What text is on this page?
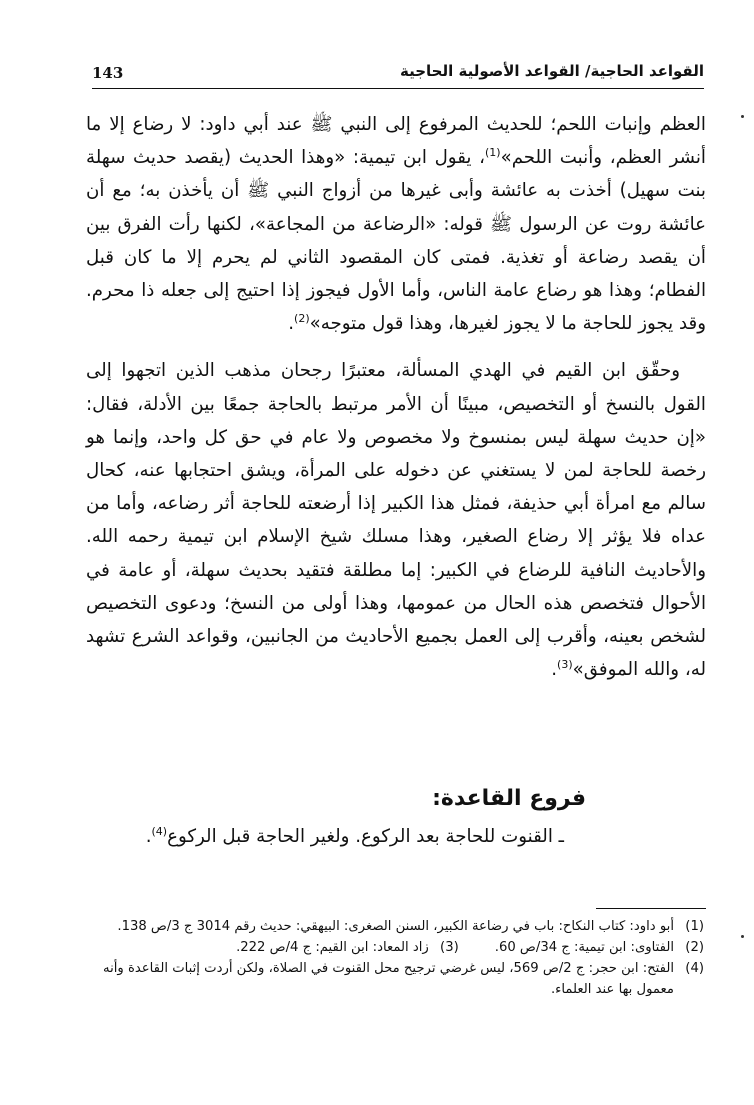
143	القواعد الحاجية/ القواعد الأصولية الحاجية

العظم وإنبات اللحم؛ للحديث المرفوع إلى النبي ﷺ عند أبي داود: لا رضاع إلا ما أنشر العظم، وأنبت اللحم»$^{(1)}$، يقول ابن تيمية: «وهذا الحديث (يقصد حديث سهلة بنت سهيل) أخذت به عائشة وأبى غيرها من أزواج النبي ﷺ أن يأخذن به؛ مع أن عائشة روت عن الرسول ﷺ قوله: «الرضاعة من المجاعة»، لكنها رأت الفرق بين أن يقصد رضاعة أو تغذية. فمتى كان المقصود الثاني لم يحرم إلا ما كان قبل الفطام؛ وهذا هو رضاع عامة الناس، وأما الأول فيجوز إذا احتيج إلى جعله ذا محرم. وقد يجوز للحاجة ما لا يجوز لغيرها، وهذا قول متوجه»$^{(2)}$.

وحقّق ابن القيم في الهدي المسألة، معتبرًا رجحان مذهب الذين اتجهوا إلى القول بالنسخ أو التخصيص، مبينًا أن الأمر مرتبط بالحاجة جمعًا بين الأدلة، فقال: «إن حديث سهلة ليس بمنسوخ ولا مخصوص ولا عام في حق كل واحد، وإنما هو رخصة للحاجة لمن لا يستغني عن دخوله على المرأة، ويشق احتجابها عنه، كحال سالم مع امرأة أبي حذيفة، فمثل هذا الكبير إذا أرضعته للحاجة أثر رضاعه، وأما من عداه فلا يؤثر إلا رضاع الصغير، وهذا مسلك شيخ الإسلام ابن تيمية رحمه الله. والأحاديث النافية للرضاع في الكبير: إما مطلقة فتقيد بحديث سهلة، أو عامة في الأحوال فتخصص هذه الحال من عمومها، وهذا أولى من النسخ؛ ودعوى التخصيص لشخص بعينه، وأقرب إلى العمل بجميع الأحاديث من الجانبين، وقواعد الشرع تشهد له، والله الموفق»$^{(3)}$.

فروع القاعدة:
ـ القنوت للحاجة بعد الركوع. ولغير الحاجة قبل الركوع$^{(4)}$.
(1)
أبو داود: كتاب النكاح: باب في رضاعة الكبير، السنن الصغرى: البيهقي: حديث رقم 3014 ج 3/ص 138.
(2)
الفتاوى: ابن تيمية: ج 34/ص 60.
(3)
زاد المعاد: ابن القيم: ج 4/ص 222.
(4)
الفتح: ابن حجر: ج 2/ص 569، ليس غرضي ترجيح محل القنوت في الصلاة، ولكن أردت إثبات القاعدة وأنه معمول بها عند العلماء.
